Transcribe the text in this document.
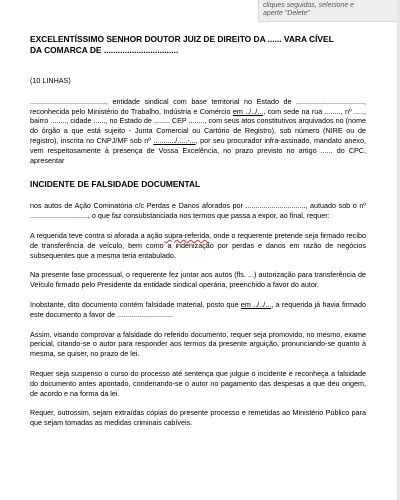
cliques seguidos, selecione e
aperte "Delete"

EXCELENTÍSSIMO SENHOR DOUTOR JUIZ DE DIREITO DA ...... VARA CÍVEL

DA COMARCA DE ................................

(10 LINHAS)

......................................, entidade sindical com base territorial no Estado de .................................., reconhecida pelo Ministério do Trabalho, Indústria e Comércio em ../../..., com sede na rua ........, nº ....., bairro ........, cidade ......, no Estado de ........ CEP ........, com seus atos constitutivos arquivados no (nome do órgão a que está sujeito - Junta Comercial ou Cartório de Registro), sob número (NIRE ou de registro), inscrita no CNPJ/MF sob nº .........../.....-..., por seu procurador infra-assinado, mandato anexo, vem respeitosamente à presença de Vossa Excelência, no prazo previsto no artigo ...... do CPC, apresentar

INCIDENTE DE FALSIDADE DOCUMENTAL

nos autos de Ação Cominatória c/c Perdas e Danos aforados por .............................., autuado sob o nº ............................., o que faz consubstanciada nos termos que passa a expor, ao final, requer:

A requerida teve contra si aforada a ação supra-referida, onde o requerente pretende seja firmado recibo de transferência de veículo, bem como a indenização por perdas e danos em razão de negócios subsequentes que a mesma teria entabulado.

Na presente fase processual, o requerente fez juntar aos autos (fls. ...) autorização para transferência de Veículo firmado pelo Presidente da entidade sindical operária, preenchido a favor do autor.

Inobstante, dito documento contém falsidade material, posto que em ../../..., a requerida já havia firmado este documento a favor de ............................

Assim, visando comprovar a falsidade do referido documento, requer seja promovido, no mesmo, exame pericial, citando-se o autor para responder aos termos da presente arguição, pronunciando-se quanto à mesma, se quiser, no prazo de lei.

Requer seja suspenso o curso do processo até sentença que julgue o incidente e reconheça a falsidade do documento antes apontado, condenando-se o autor no pagamento das despesas a que deu origem, de acordo e na forma da lei.

Requer, outrossim, sejam extraídas cópias do presente processo e remetidas ao Ministério Público para que sejam tomadas as medidas criminais cabíveis.
